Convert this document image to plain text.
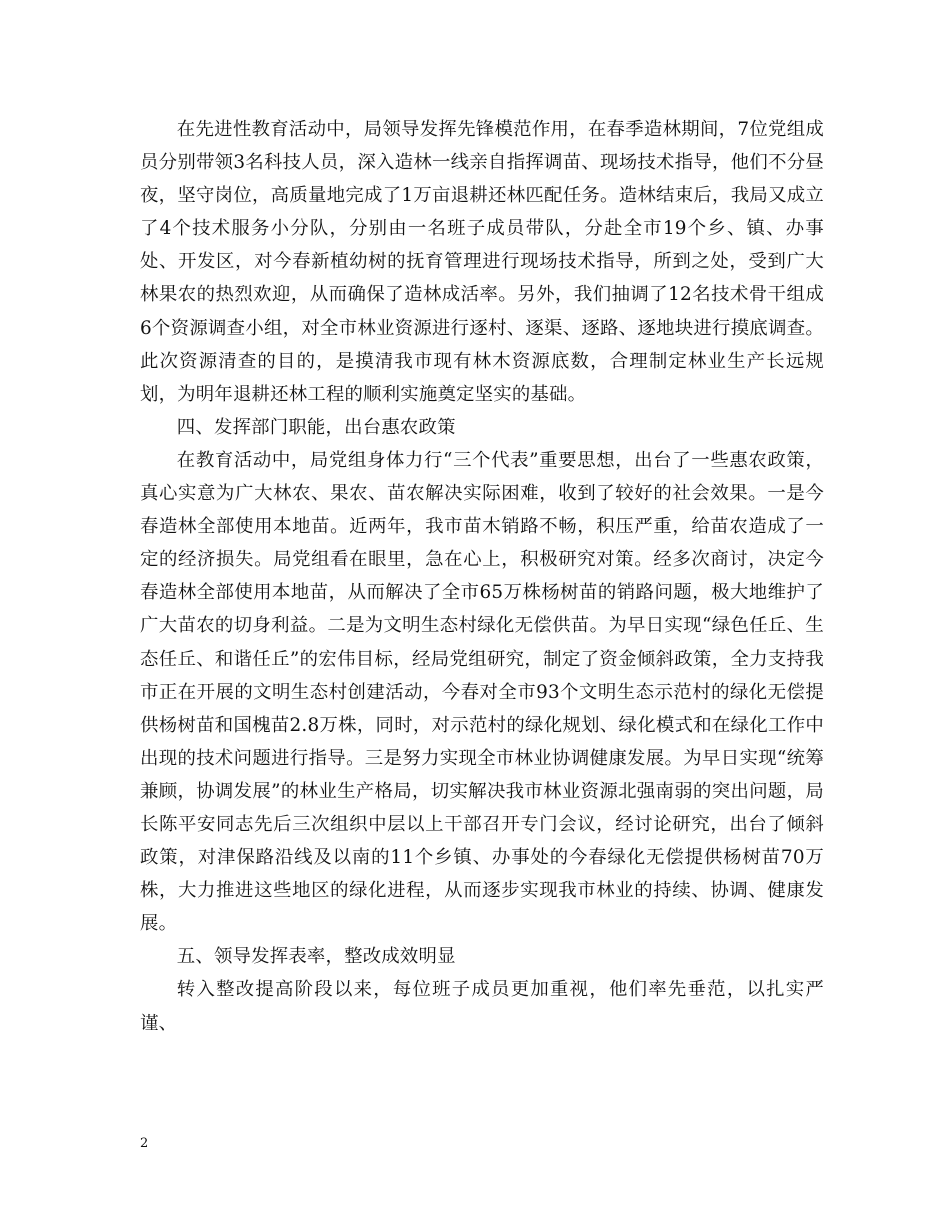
在先进性教育活动中，局领导发挥先锋模范作用，在春季造林期间，7位党组成员分别带领3名科技人员，深入造林一线亲自指挥调苗、现场技术指导，他们不分昼夜，坚守岗位，高质量地完成了1万亩退耕还林匹配任务。造林结束后，我局又成立了4个技术服务小分队，分别由一名班子成员带队，分赴全市19个乡、镇、办事处、开发区，对今春新植幼树的抚育管理进行现场技术指导，所到之处，受到广大林果农的热烈欢迎，从而确保了造林成活率。另外，我们抽调了12名技术骨干组成6个资源调查小组，对全市林业资源进行逐村、逐渠、逐路、逐地块进行摸底调查。此次资源清查的目的，是摸清我市现有林木资源底数，合理制定林业生产长远规划，为明年退耕还林工程的顺利实施奠定坚实的基础。

四、发挥部门职能，出台惠农政策

在教育活动中，局党组身体力行“三个代表”重要思想，出台了一些惠农政策，真心实意为广大林农、果农、苗农解决实际困难，收到了较好的社会效果。一是今春造林全部使用本地苗。近两年，我市苗木销路不畅，积压严重，给苗农造成了一定的经济损失。局党组看在眼里，急在心上，积极研究对策。经多次商讨，决定今春造林全部使用本地苗，从而解决了全市65万株杨树苗的销路问题，极大地维护了广大苗农的切身利益。二是为文明生态村绿化无偿供苗。为早日实现“绿色任丘、生态任丘、和谐任丘”的宏伟目标，经局党组研究，制定了资金倾斜政策，全力支持我市正在开展的文明生态村创建活动，今春对全市93个文明生态示范村的绿化无偿提供杨树苗和国槐苗2.8万株，同时，对示范村的绿化规划、绿化模式和在绿化工作中出现的技术问题进行指导。三是努力实现全市林业协调健康发展。为早日实现“统筹兼顾，协调发展”的林业生产格局，切实解决我市林业资源北强南弱的突出问题，局长陈平安同志先后三次组织中层以上干部召开专门会议，经讨论研究，出台了倾斜政策，对津保路沿线及以南的11个乡镇、办事处的今春绿化无偿提供杨树苗70万株，大力推进这些地区的绿化进程，从而逐步实现我市林业的持续、协调、健康发展。

五、领导发挥表率，整改成效明显

转入整改提高阶段以来，每位班子成员更加重视，他们率先垂范，以扎实严谨、

2
